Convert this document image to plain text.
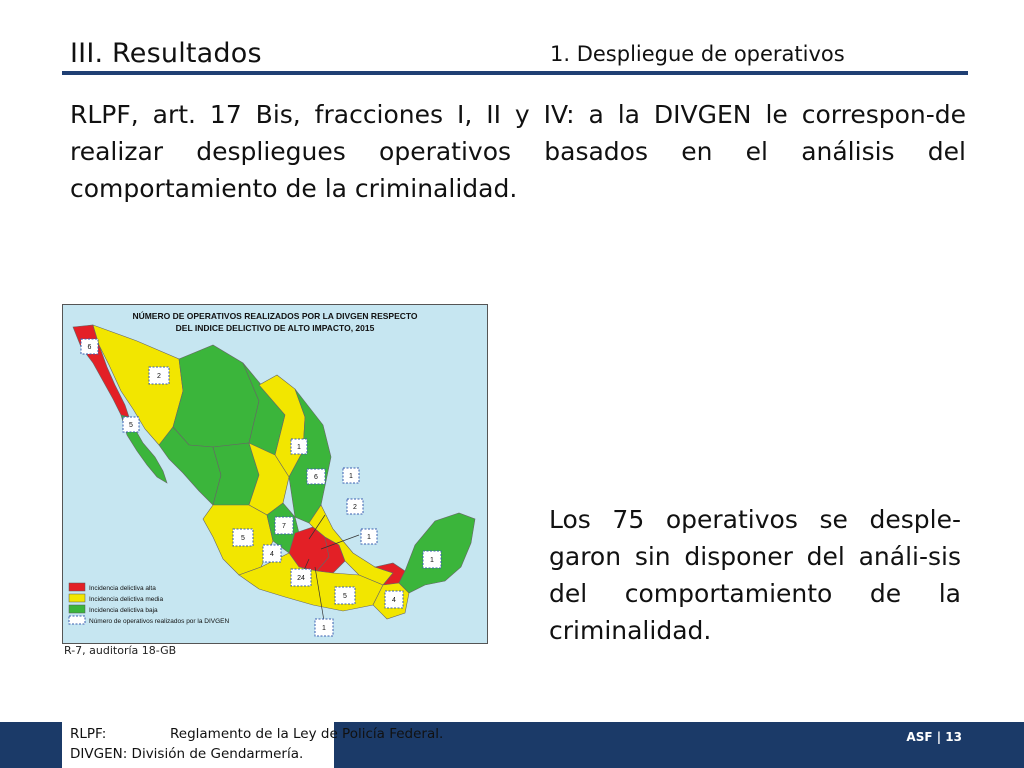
III. Resultados	1. Despliegue de operativos
RLPF, art. 17 Bis, fracciones I, II y IV: a la DIVGEN le correspon-de realizar despliegues operativos basados en el análisis del comportamiento de la criminalidad.
NÚMERO DE OPERATIVOS REALIZADOS POR LA DIVGEN RESPECTO
DEL INDICE DELICTIVO DE ALTO IMPACTO, 2015
6
2
5
1
6	1
2
7
5	1
4
24
1
5
4
1
Incidencia delictiva alta
Incidencia delictiva media
Incidencia delictiva baja
Número de operativos realizados por la DIVGEN
R-7, auditoría 18-GB
Los 75 operativos se desple-garon sin disponer del análi-sis del comportamiento de la criminalidad.
RLPF:	Reglamento de la Ley de Policía Federal.
DIVGEN: División de Gendarmería.
ASF | 13
